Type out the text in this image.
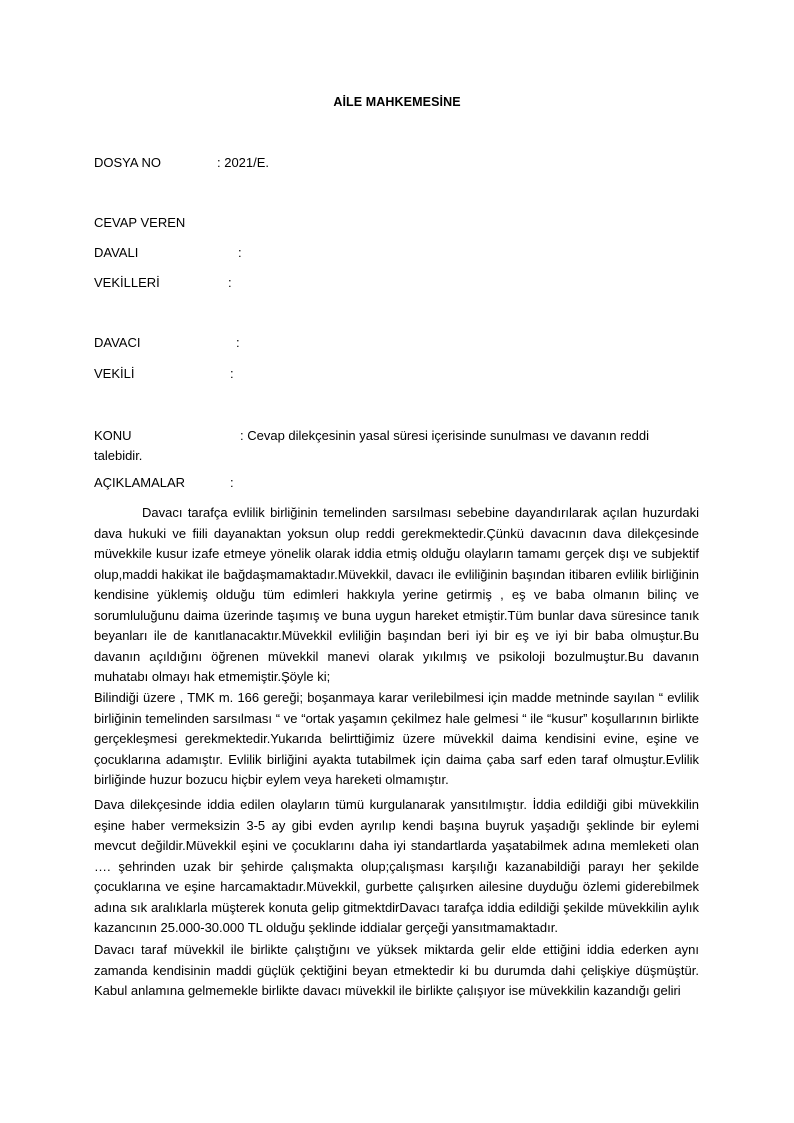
AİLE MAHKEMESİNE
DOSYA NO	: 2021/E.
CEVAP VEREN
DAVALI	:
VEKİLLERİ	:
DAVACI	:
VEKİLİ	:
KONU	: Cevap dilekçesinin yasal süresi içerisinde sunulması ve davanın reddi talebidir.
AÇIKLAMALAR	:

Davacı tarafça evlilik birliğinin temelinden sarsılması sebebine dayandırılarak açılan huzurdaki dava hukuki ve fiili dayanaktan yoksun olup reddi gerekmektedir.Çünkü davacının dava dilekçesinde müvekkile kusur izafe etmeye yönelik olarak iddia etmiş olduğu olayların tamamı gerçek dışı ve subjektif olup,maddi hakikat ile bağdaşmamaktadır.Müvekkil, davacı ile evliliğinin başından itibaren evlilik birliğinin kendisine yüklemiş olduğu tüm edimleri hakkıyla yerine getirmiş , eş ve baba olmanın bilinç ve sorumluluğunu daima üzerinde taşımış ve buna uygun hareket etmiştir.Tüm bunlar dava süresince tanık beyanları ile de kanıtlanacaktır.Müvekkil evliliğin başından beri iyi bir eş ve iyi bir baba olmuştur.Bu davanın açıldığını öğrenen müvekkil manevi olarak yıkılmış ve psikoloji bozulmuştur.Bu davanın muhatabı olmayı hak etmemiştir.Şöyle ki;

Bilindiği üzere , TMK m. 166 gereği; boşanmaya karar verilebilmesi için madde metninde sayılan “ evlilik birliğinin temelinden sarsılması “ ve “ortak yaşamın çekilmez hale gelmesi “ ile “kusur” koşullarının birlikte gerçekleşmesi gerekmektedir.Yukarıda belirttiğimiz üzere müvekkil daima kendisini evine, eşine ve çocuklarına adamıştır. Evlilik birliğini ayakta tutabilmek için daima çaba sarf eden taraf olmuştur.Evlilik birliğinde huzur bozucu hiçbir eylem veya hareketi olmamıştır.

Dava dilekçesinde iddia edilen olayların tümü kurgulanarak yansıtılmıştır. İddia edildiği gibi müvekkilin eşine haber vermeksizin 3-5 ay gibi evden ayrılıp kendi başına buyruk yaşadığı şeklinde bir eylemi mevcut değildir.Müvekkil eşini ve çocuklarını daha iyi standartlarda yaşatabilmek adına memleketi olan …. şehrinden uzak bir şehirde çalışmakta olup;çalışması karşılığı kazanabildiği parayı her şekilde çocuklarına ve eşine harcamaktadır.Müvekkil, gurbette çalışırken ailesine duyduğu özlemi giderebilmek adına sık aralıklarla müşterek konuta gelip gitmektdirDavacı tarafça iddia edildiği şekilde müvekkilin aylık kazancının 25.000-30.000 TL olduğu şeklinde iddialar gerçeği yansıtmamaktadır.

Davacı taraf müvekkil ile birlikte çalıştığını ve yüksek miktarda gelir elde ettiğini iddia ederken aynı zamanda kendisinin maddi güçlük çektiğini beyan etmektedir ki bu durumda dahi çelişkiye düşmüştür. Kabul anlamına gelmemekle birlikte davacı müvekkil ile birlikte çalışıyor ise müvekkilin kazandığı geliri
